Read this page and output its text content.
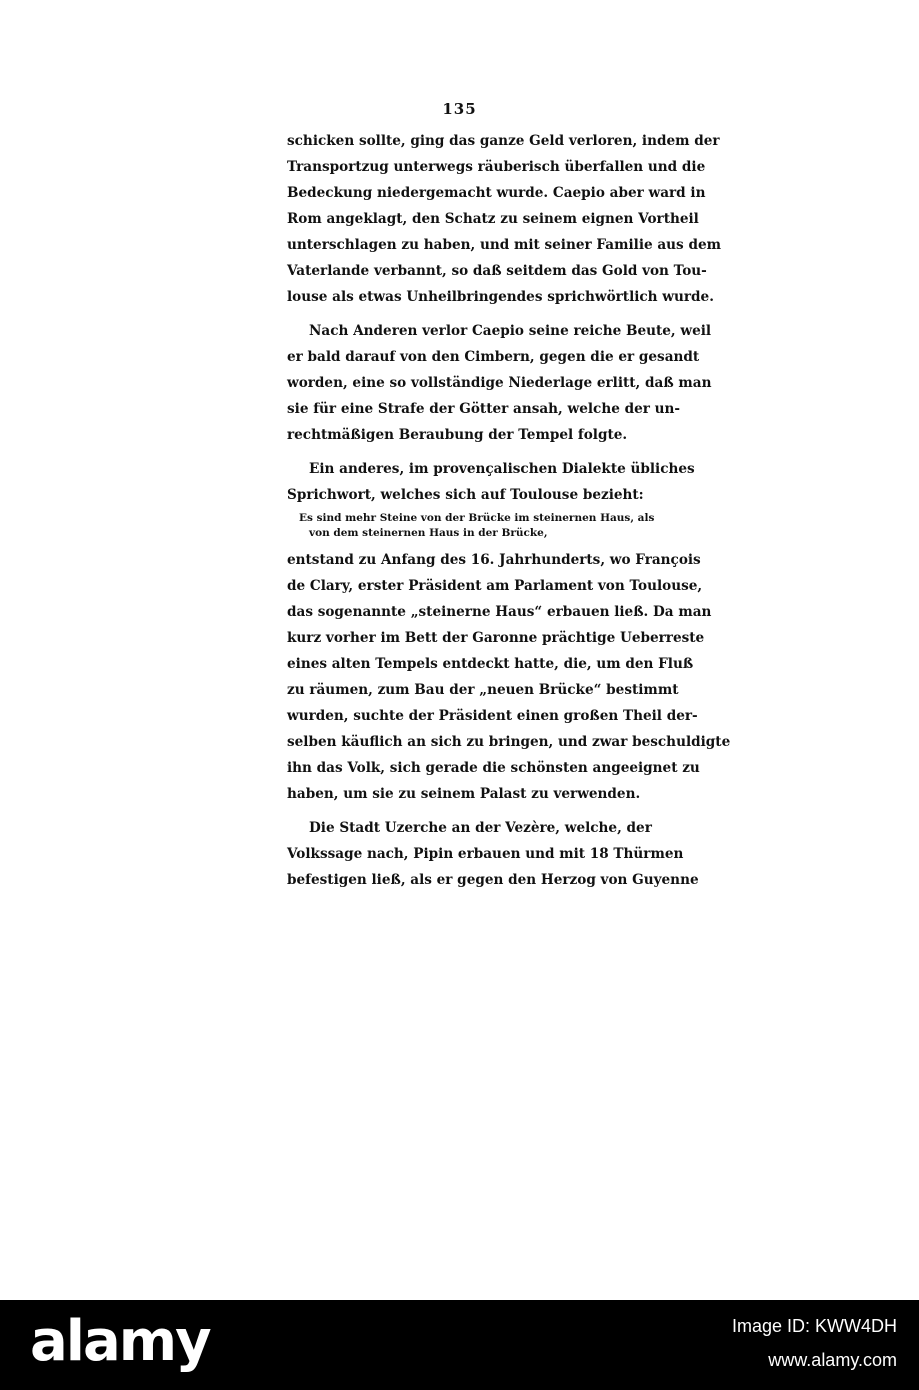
135
schicken sollte, ging das ganze Geld verloren, indem der
Transportzug unterwegs räuberisch überfallen und die
Bedeckung niedergemacht wurde. Caepio aber ward in
Rom angeklagt, den Schatz zu seinem eignen Vortheil
unterschlagen zu haben, und mit seiner Familie aus dem
Vaterlande verbannt, so daß seitdem das Gold von Tou-
louse als etwas Unheilbringendes sprichwörtlich wurde.
Nach Anderen verlor Caepio seine reiche Beute, weil
er bald darauf von den Cimbern, gegen die er gesandt
worden, eine so vollständige Niederlage erlitt, daß man
sie für eine Strafe der Götter ansah, welche der un-
rechtmäßigen Beraubung der Tempel folgte.
Ein anderes, im provençalischen Dialekte übliches
Sprichwort, welches sich auf Toulouse bezieht:
Es sind mehr Steine von der Brücke im steinernen Haus, als
von dem steinernen Haus in der Brücke,
entstand zu Anfang des 16. Jahrhunderts, wo François
de Clary, erster Präsident am Parlament von Toulouse,
das sogenannte „steinerne Haus“ erbauen ließ. Da man
kurz vorher im Bett der Garonne prächtige Ueberreste
eines alten Tempels entdeckt hatte, die, um den Fluß
zu räumen, zum Bau der „neuen Brücke“ bestimmt
wurden, suchte der Präsident einen großen Theil der-
selben käuflich an sich zu bringen, und zwar beschuldigte
ihn das Volk, sich gerade die schönsten angeeignet zu
haben, um sie zu seinem Palast zu verwenden.
Die Stadt Uzerche an der Vezère, welche, der
Volkssage nach, Pipin erbauen und mit 18 Thürmen
befestigen ließ, als er gegen den Herzog von Guyenne
alamy	Image ID: KWW4DH
www.alamy.com
